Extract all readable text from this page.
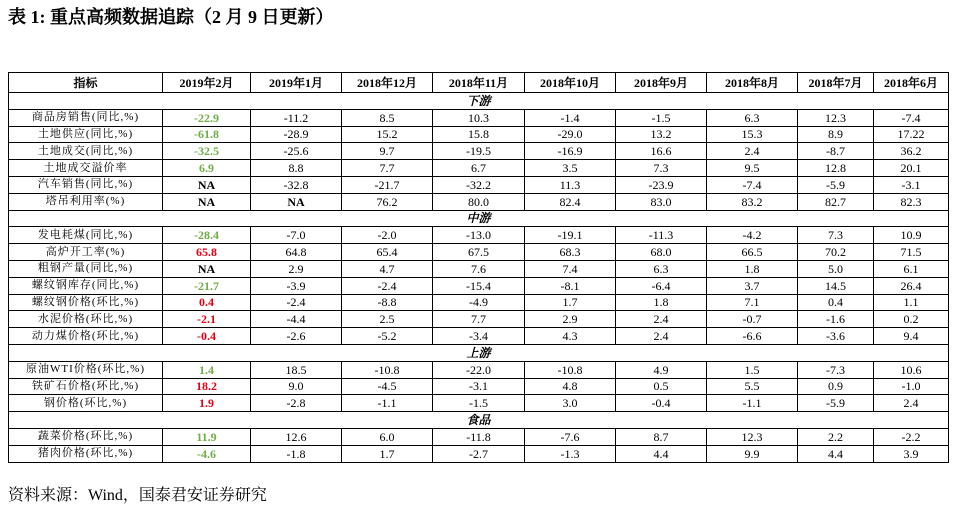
表 1: 重点高频数据追踪（2 月 9 日更新）
指标	2019年2月	2019年1月	2018年12月	2018年11月	2018年10月	2018年9月	2018年8月	2018年7月	2018年6月
下游									
商品房销售(同比,%)	-22.9	-11.2	8.5	10.3	-1.4	-1.5	6.3	12.3	-7.4
土地供应(同比,%)	-61.8	-28.9	15.2	15.8	-29.0	13.2	15.3	8.9	17.22
土地成交(同比,%)	-32.5	-25.6	9.7	-19.5	-16.9	16.6	2.4	-8.7	36.2
土地成交溢价率	6.9	8.8	7.7	6.7	3.5	7.3	9.5	12.8	20.1
汽车销售(同比,%)	NA	-32.8	-21.7	-32.2	11.3	-23.9	-7.4	-5.9	-3.1
塔吊利用率(%)	NA	NA	76.2	80.0	82.4	83.0	83.2	82.7	82.3
中游									
发电耗煤(同比,%)	-28.4	-7.0	-2.0	-13.0	-19.1	-11.3	-4.2	7.3	10.9
高炉开工率(%)	65.8	64.8	65.4	67.5	68.3	68.0	66.5	70.2	71.5
粗钢产量(同比,%)	NA	2.9	4.7	7.6	7.4	6.3	1.8	5.0	6.1
螺纹钢库存(同比,%)	-21.7	-3.9	-2.4	-15.4	-8.1	-6.4	3.7	14.5	26.4
螺纹钢价格(环比,%)	0.4	-2.4	-8.8	-4.9	1.7	1.8	7.1	0.4	1.1
水泥价格(环比,%)	-2.1	-4.4	2.5	7.7	2.9	2.4	-0.7	-1.6	0.2
动力煤价格(环比,%)	-0.4	-2.6	-5.2	-3.4	4.3	2.4	-6.6	-3.6	9.4
上游									
原油WTI价格(环比,%)	1.4	18.5	-10.8	-22.0	-10.8	4.9	1.5	-7.3	10.6
铁矿石价格(环比,%)	18.2	9.0	-4.5	-3.1	4.8	0.5	5.5	0.9	-1.0
钢价格(环比,%)	1.9	-2.8	-1.1	-1.5	3.0	-0.4	-1.1	-5.9	2.4
食品									
蔬菜价格(环比,%)	11.9	12.6	6.0	-11.8	-7.6	8.7	12.3	2.2	-2.2
猪肉价格(环比,%)	-4.6	-1.8	1.7	-2.7	-1.3	4.4	9.9	4.4	3.9
资料来源：Wind，国泰君安证券研究
